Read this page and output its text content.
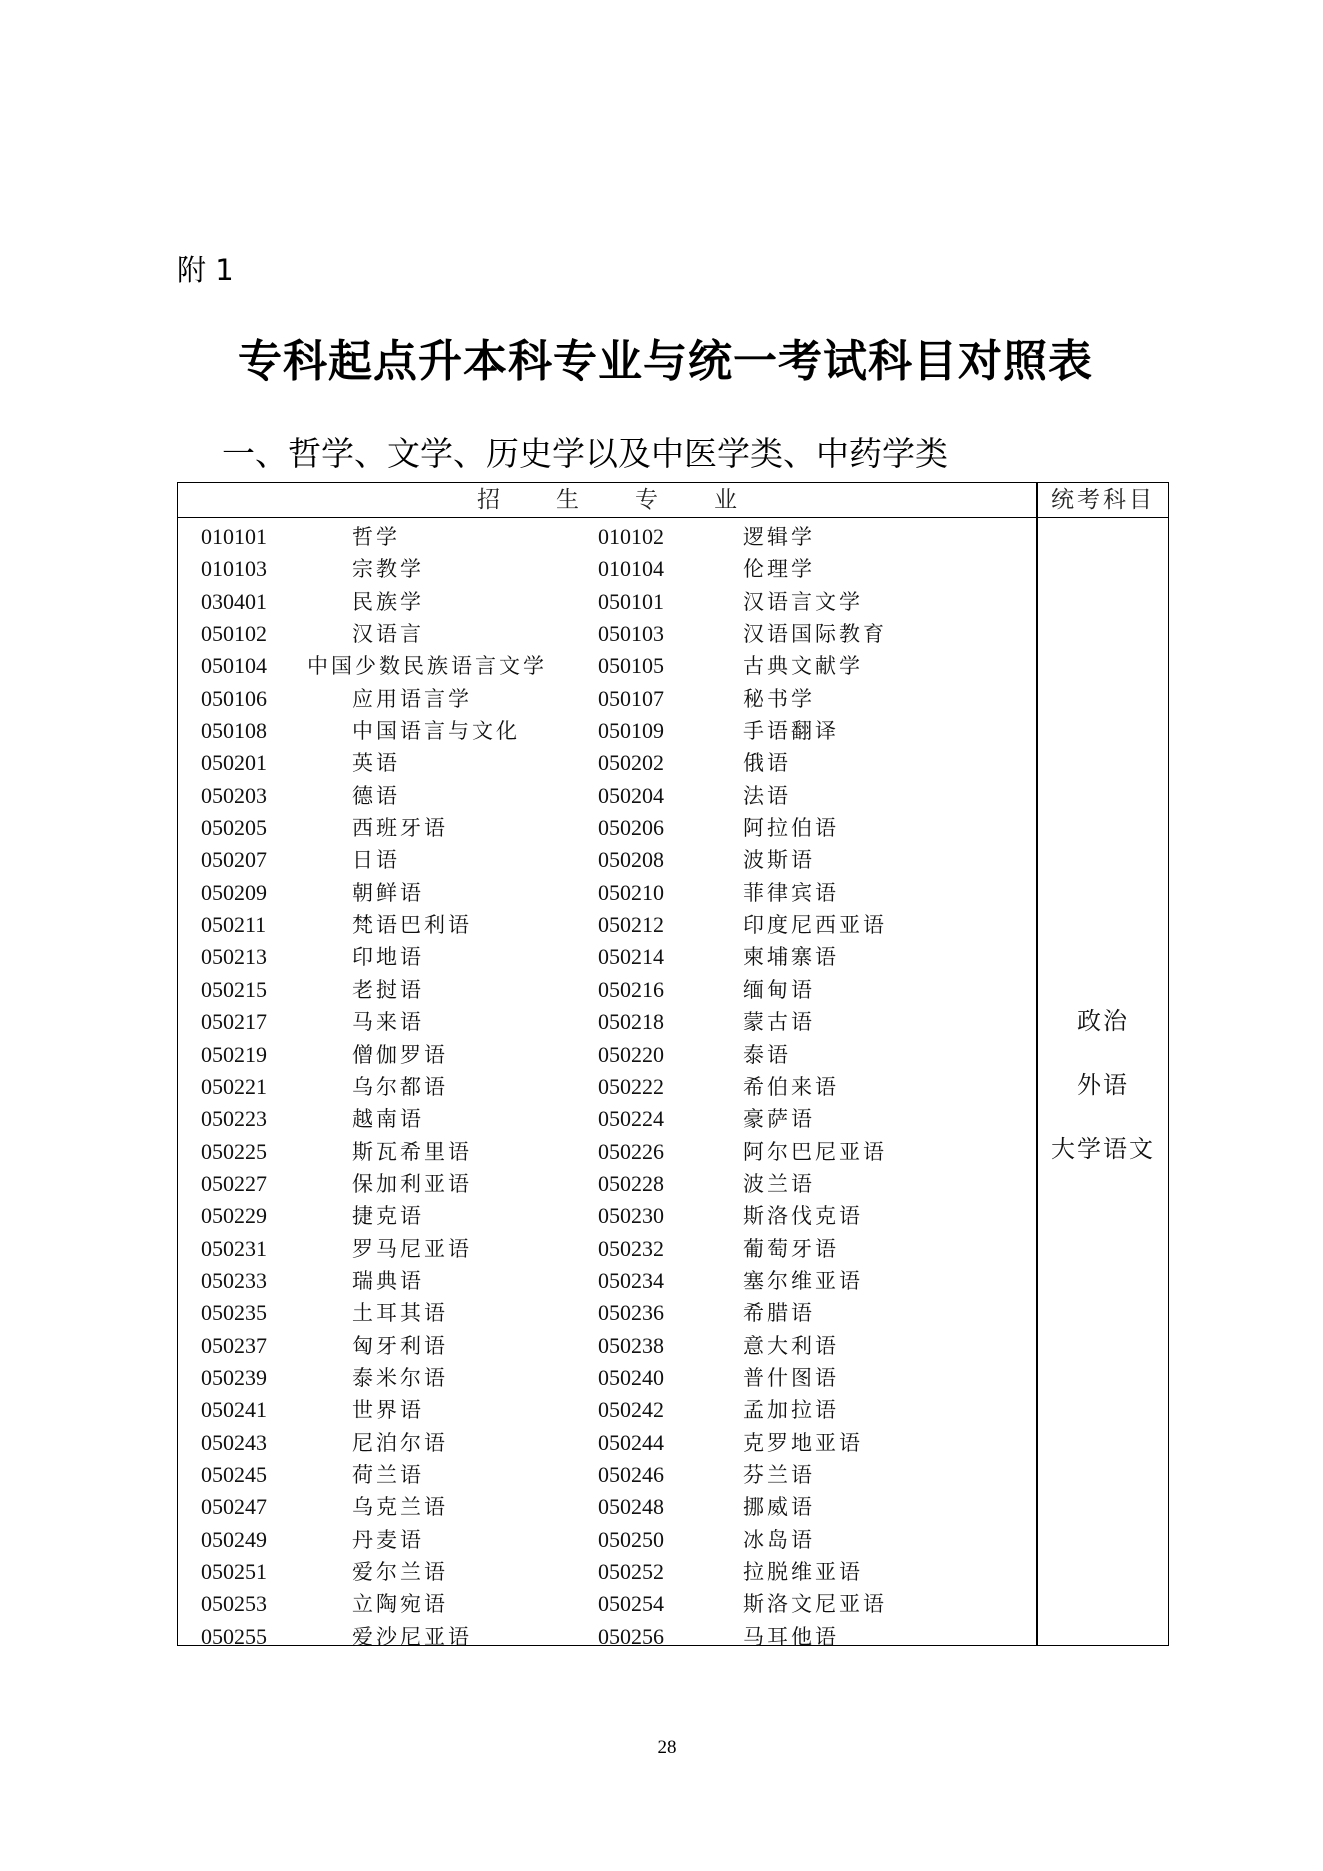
附 1
专科起点升本科专业与统一考试科目对照表
一、哲学、文学、历史学以及中医学类、中药学类
招生专业	统考科目
010101	哲学	010102	逻辑学
010103	宗教学	010104	伦理学
030401	民族学	050101	汉语言文学
050102	汉语言	050103	汉语国际教育
050104 中国少数民族语言文学 050105	古典文献学
050106	应用语言学	050107	秘书学
050108	中国语言与文化	050109	手语翻译
050201	英语	050202	俄语
050203	德语	050204	法语
050205	西班牙语	050206	阿拉伯语
050207	日语	050208	波斯语
050209	朝鲜语	050210	菲律宾语
050211	梵语巴利语	050212	印度尼西亚语
050213	印地语	050214	柬埔寨语
050215	老挝语	050216	缅甸语
050217	马来语	050218	蒙古语
050219	僧伽罗语	050220	泰语
050221	乌尔都语	050222	希伯来语
050223	越南语	050224	豪萨语
050225	斯瓦希里语	050226	阿尔巴尼亚语
050227	保加利亚语	050228	波兰语
050229	捷克语	050230	斯洛伐克语
050231	罗马尼亚语	050232	葡萄牙语
050233	瑞典语	050234	塞尔维亚语
050235	土耳其语	050236	希腊语
050237	匈牙利语	050238	意大利语
050239	泰米尔语	050240	普什图语
050241	世界语	050242	孟加拉语
050243	尼泊尔语	050244	克罗地亚语
050245	荷兰语	050246	芬兰语
050247	乌克兰语	050248	挪威语
050249	丹麦语	050250	冰岛语
050251	爱尔兰语	050252	拉脱维亚语
050253	立陶宛语	050254	斯洛文尼亚语
050255	爱沙尼亚语	050256	马耳他语
政治
外语
大学语文
28
